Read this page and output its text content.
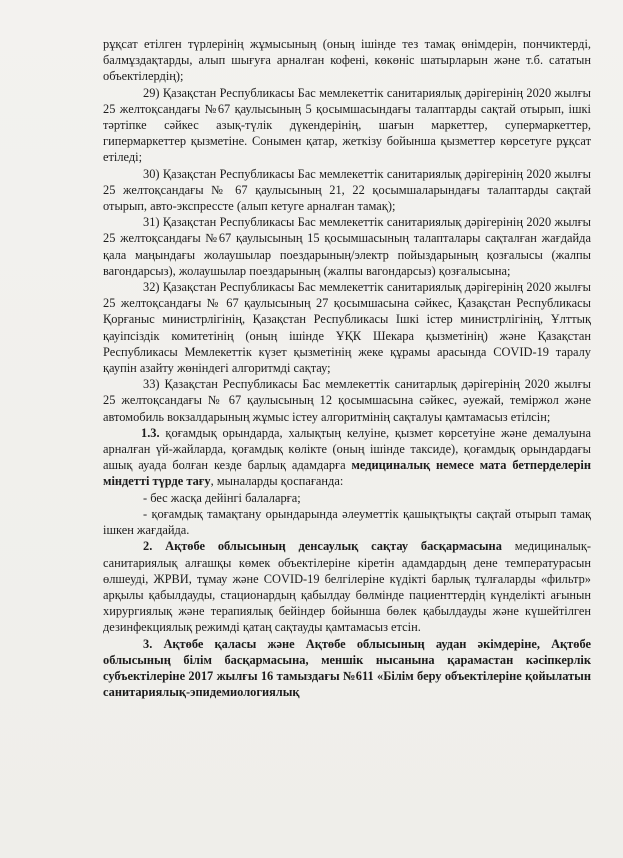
рұқсат етілген түрлерінің жұмысының (оның ішінде тез тамақ өнімдерін, пончиктерді, балмұздақтарды, алып шығуға арналған кофені, көкөніс шатырларын және т.б. сататын объектілердің);

29) Қазақстан Республикасы Бас мемлекеттік санитариялық дәрігерінің 2020 жылғы 25 желтоқсандағы №67 қаулысының 5 қосымшасындағы талаптарды сақтай отырып, ішкі тәртіпке сәйкес азық-түлік дүкендерінің, шағын маркеттер, супермаркеттер, гипермаркеттер қызметіне. Сонымен қатар, жеткізу бойынша қызметтер көрсетуге рұқсат етіледі;

30) Қазақстан Республикасы Бас мемлекеттік санитариялық дәрігерінің 2020 жылғы 25 желтоқсандағы № 67 қаулысының 21, 22 қосымшаларындағы талаптарды сақтай отырып, авто-экспрессте (алып кетуге арналған тамақ);

31) Қазақстан Республикасы Бас мемлекеттік санитариялық дәрігерінің 2020 жылғы 25 желтоқсандағы №67 қаулысының 15 қосымшасының талапталары сақталған жағдайда қала маңындағы жолаушылар поездарының/электр пойыздарының қозғалысы (жалпы вагондарсыз), жолаушылар поездарының (жалпы вагондарсыз) қозғалысына;

32) Қазақстан Республикасы Бас мемлекеттік санитариялық дәрігерінің 2020 жылғы 25 желтоқсандағы № 67 қаулысының 27 қосымшасына сәйкес, Қазақстан Республикасы Қорғаныс министрлігінің, Қазақстан Республикасы Ішкі істер министрлігінің, Ұлттық қауіпсіздік комитетінің (оның ішінде ҰҚК Шекара қызметінің) және Қазақстан Республикасы Мемлекеттік күзет қызметінің жеке құрамы арасында COVID-19 таралу қаупін азайту жөніндегі алгоритмді сақтау;

33) Қазақстан Республикасы Бас мемлекеттік санитарлық дәрігерінің 2020 жылғы 25 желтоқсандағы № 67 қаулысының 12 қосымшасына сәйкес, әуежай, теміржол және автомобиль вокзалдарының жұмыс істеу алгоритмінің сақталуы қамтамасыз етілсін;

1.3. қоғамдық орындарда, халықтың келуіне, қызмет көрсетуіне және демалуына арналған үй-жайларда, қоғамдық көлікте (оның ішінде таксиде), қоғамдық орындардағы ашық ауада болған кезде барлық адамдарға медициналық немесе мата бетперделерін міндетті түрде тағу, мыналарды қоспағанда:

- бес жасқа дейінгі балаларға;

- қоғамдық тамақтану орындарында әлеуметтік қашықтықты сақтай отырып тамақ ішкен жағдайда.

2. Ақтөбе облысының денсаулық сақтау басқармасына медициналық-санитариялық алғашқы көмек объектілеріне кіретін адамдардың дене температурасын өлшеуді, ЖРВИ, тұмау және COVID-19 белгілеріне күдікті барлық тұлғаларды «фильтр» арқылы қабылдауды, стационардың қабылдау бөлмінде пациенттердің күнделікті ағынын хирургиялық және терапиялық бейіндер бойынша бөлек қабылдауды және күшейтілген дезинфекциялық режимді қатаң сақтауды қамтамасыз етсін.

3. Ақтөбе қаласы және Ақтөбе облысының аудан әкімдеріне, Ақтөбе облысының білім басқармасына, меншік нысанына қарамастан кәсіпкерлік субъектілеріне 2017 жылғы 16 тамыздағы №611 «Білім беру объектілеріне қойылатын санитариялық-эпидемиологиялық
